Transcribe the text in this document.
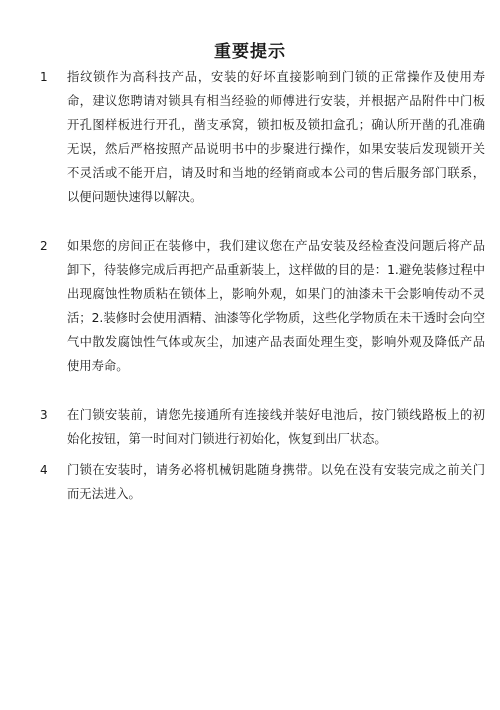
重要提示
1	指纹锁作为高科技产品，安装的好坏直接影响到门锁的正常操作及使用寿命，建议您聘请对锁具有相当经验的师傅进行安装，并根据产品附件中门板开孔图样板进行开孔，凿支承窝，锁扣板及锁扣盒孔；确认所开凿的孔准确无误，然后严格按照产品说明书中的步聚进行操作，如果安装后发现锁开关不灵活或不能开启，请及时和当地的经销商或本公司的售后服务部门联系，以便问题快速得以解决。
2	如果您的房间正在装修中，我们建议您在产品安装及经检查没问题后将产品卸下，待装修完成后再把产品重新装上，这样做的目的是：1.避免装修过程中出现腐蚀性物质粘在锁体上，影响外观，如果门的油漆未干会影响传动不灵活；2.装修时会使用酒精、油漆等化学物质，这些化学物质在未干透时会向空气中散发腐蚀性气体或灰尘，加速产品表面处理生变，影响外观及降低产品使用寿命。
3	在门锁安装前，请您先接通所有连接线并装好电池后，按门锁线路板上的初始化按钮，第一时间对门锁进行初始化，恢复到出厂状态。
4	门锁在安装时，请务必将机械钥匙随身携带。以免在没有安装完成之前关门而无法进入。
